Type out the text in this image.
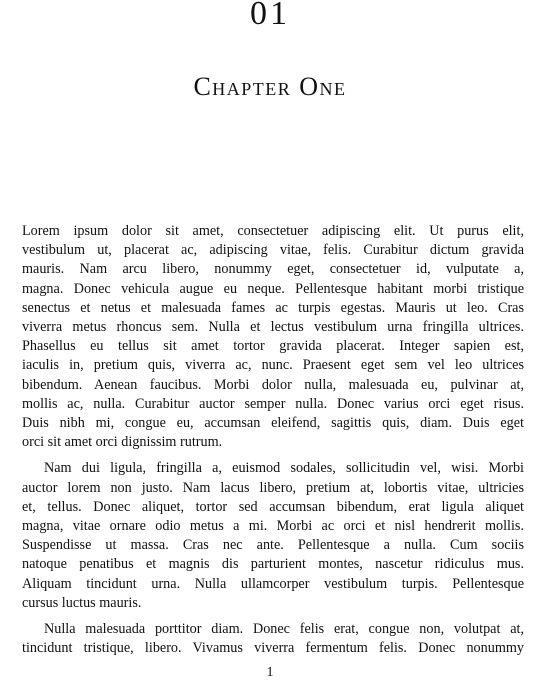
01
Chapter One

Lorem ipsum dolor sit amet, consectetuer adipiscing elit. Ut purus elit,
vestibulum ut, placerat ac, adipiscing vitae, felis. Curabitur dictum gravida
mauris. Nam arcu libero, nonummy eget, consectetuer id, vulputate a,
magna. Donec vehicula augue eu neque. Pellentesque habitant morbi tristique
senectus et netus et malesuada fames ac turpis egestas. Mauris ut leo. Cras
viverra metus rhoncus sem. Nulla et lectus vestibulum urna fringilla ultrices.
Phasellus eu tellus sit amet tortor gravida placerat. Integer sapien est,
iaculis in, pretium quis, viverra ac, nunc. Praesent eget sem vel leo ultrices
bibendum. Aenean faucibus. Morbi dolor nulla, malesuada eu, pulvinar at,
mollis ac, nulla. Curabitur auctor semper nulla. Donec varius orci eget risus.
Duis nibh mi, congue eu, accumsan eleifend, sagittis quis, diam. Duis eget
orci sit amet orci dignissim rutrum.

Nam dui ligula, fringilla a, euismod sodales, sollicitudin vel, wisi. Morbi
auctor lorem non justo. Nam lacus libero, pretium at, lobortis vitae, ultricies
et, tellus. Donec aliquet, tortor sed accumsan bibendum, erat ligula aliquet
magna, vitae ornare odio metus a mi. Morbi ac orci et nisl hendrerit mollis.
Suspendisse ut massa. Cras nec ante. Pellentesque a nulla. Cum sociis
natoque penatibus et magnis dis parturient montes, nascetur ridiculus mus.
Aliquam tincidunt urna. Nulla ullamcorper vestibulum turpis. Pellentesque
cursus luctus mauris.

Nulla malesuada porttitor diam. Donec felis erat, congue non, volutpat at,
tincidunt tristique, libero. Vivamus viverra fermentum felis. Donec nonummy

1
